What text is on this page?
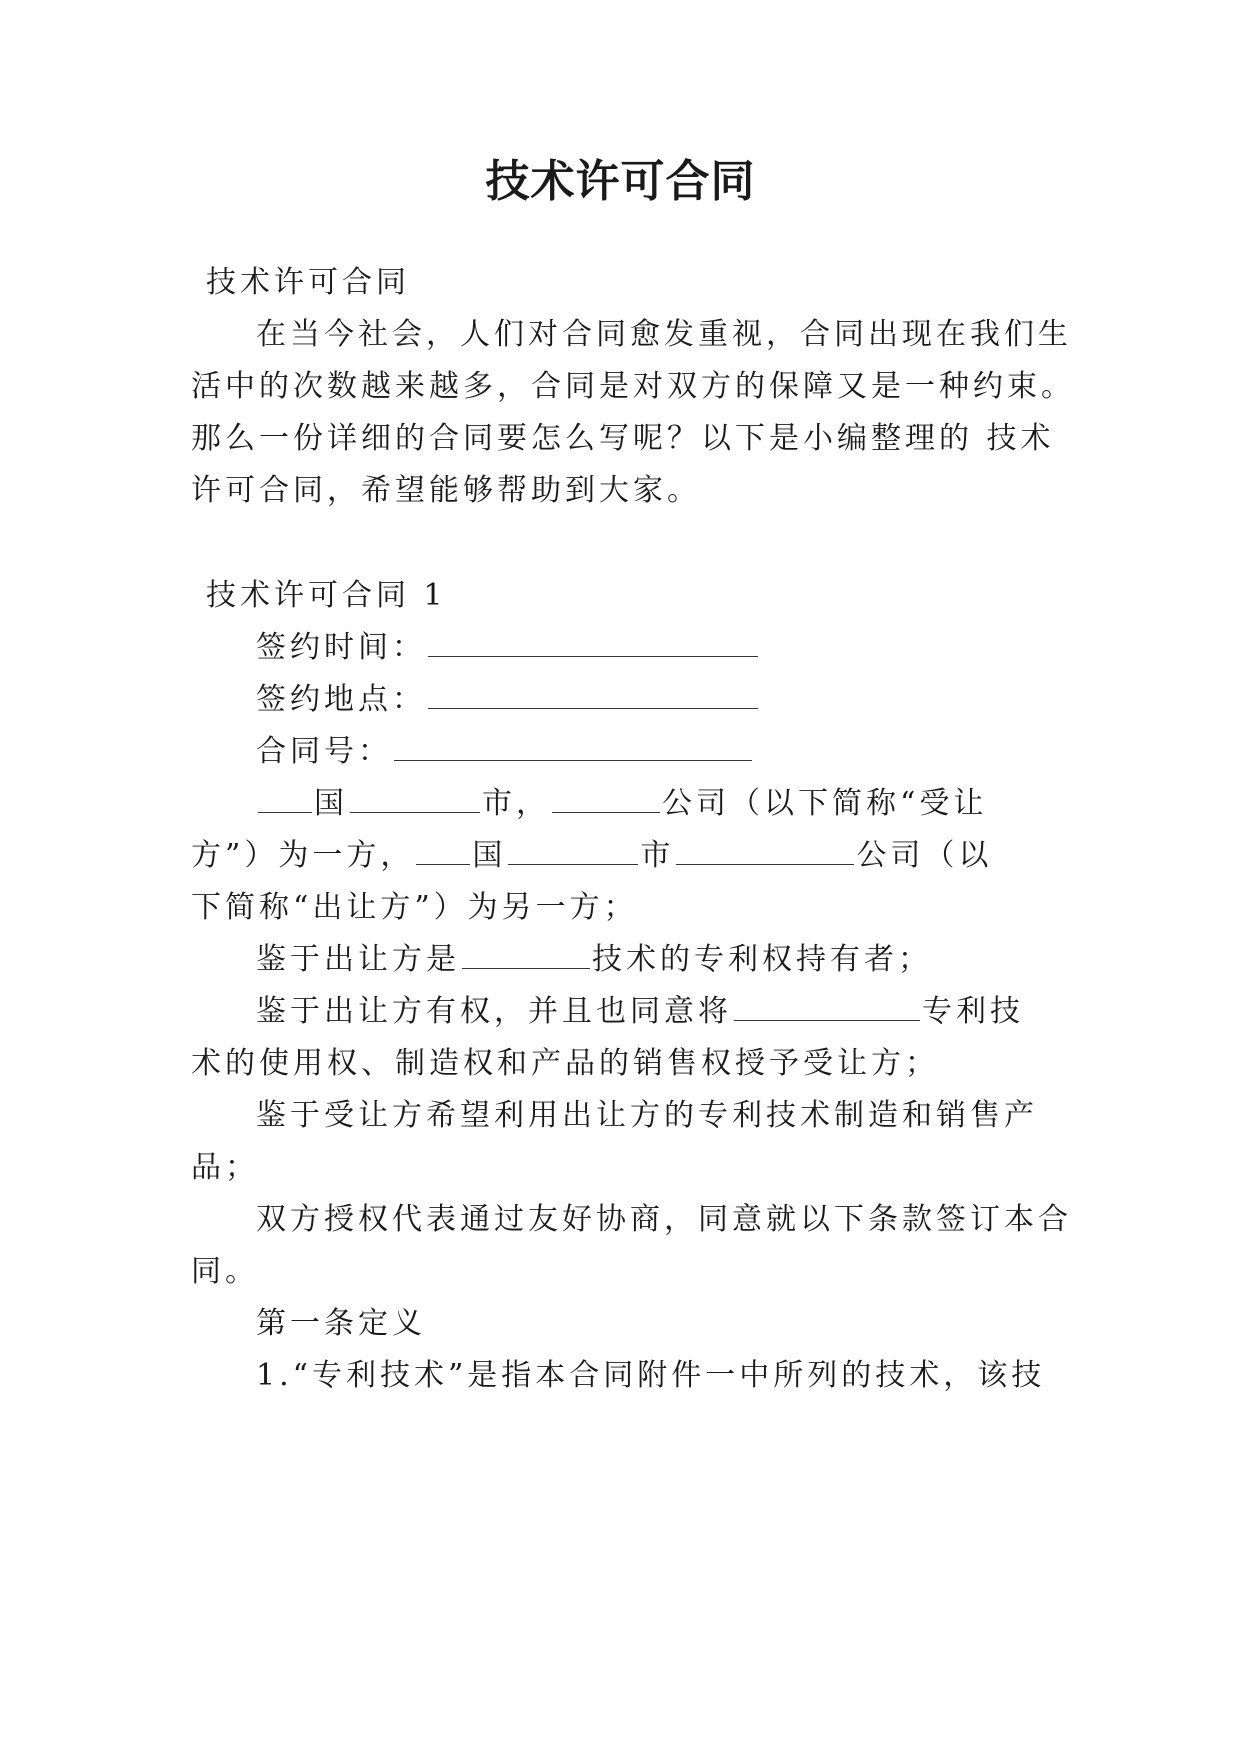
技术许可合同
技术许可合同
在当今社会，人们对合同愈发重视，合同出现在我们生
活中的次数越来越多，合同是对双方的保障又是一种约束。
那么一份详细的合同要怎么写呢？以下是小编整理的 技术
许可合同，希望能够帮助到大家。
技术许可合同 1
签约时间：
签约地点：
合同号：
国	市，	公司（以下简称“受让
方”）为一方， 国	市	公司（以
下简称“出让方”）为另一方；
鉴于出让方是	技术的专利权持有者；
鉴于出让方有权，并且也同意将	专利技
术的使用权、制造权和产品的销售权授予受让方；
鉴于受让方希望利用出让方的专利技术制造和销售产
品；
双方授权代表通过友好协商，同意就以下条款签订本合
同。
第一条定义
1.“专利技术”是指本合同附件一中所列的技术，该技
